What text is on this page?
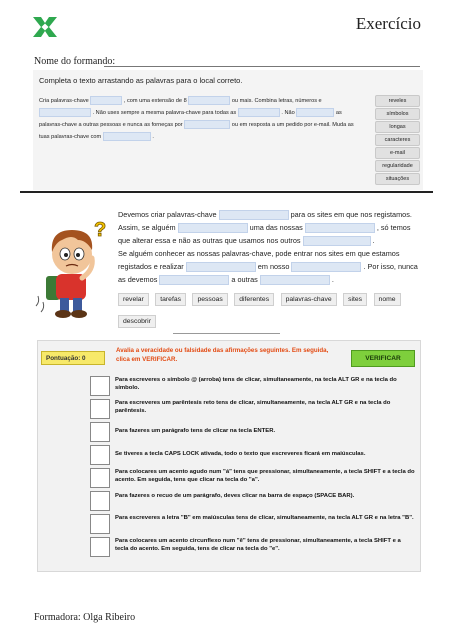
Exercício
Nome do formando:
Completa o texto arrastando as palavras para o local correto.
Cria palavras-chave	, com uma extensão de 8	ou mais. Combina letras, números e
. Não uses sempre a mesma palavra-chave para todas as	. Não	as
palavras-chave a outras pessoas e nunca as forneças por	ou em resposta a um pedido por e-mail. Muda as
tuas palavras-chave com	.
reveles
símbolos
longas
caracteres
e-mail
regularidade
situações
?
Devemos criar palavras-chave	para os sites em que nos registamos.
Assim, se alguém	uma das nossas	, só temos
que alterar essa e não as outras que usamos nos outros	.
Se alguém conhecer as nossas palavras-chave, pode entrar nos sites em que estamos
registados e realizar	em nosso	. Por isso, nunca
as devemos	a outras	.
revelar tarefas pessoas diferentes palavras-chave sites nome descobrir
Pontuação: 0
Avalia a veracidade ou falsidade das afirmações seguintes. Em seguida, clica em VERIFICAR.	VERIFICAR
Para escreveres o símbolo @ (arroba) tens de clicar, simultaneamente, na tecla ALT GR e na tecla do símbolo.
Para escreveres um parêntesis reto tens de clicar, simultaneamente, na tecla ALT GR e na tecla do parêntesis.
Para fazeres um parágrafo tens de clicar na tecla ENTER.
Se tiveres a tecla CAPS LOCK ativada, todo o texto que escreveres ficará em maiúsculas.
Para colocares um acento agudo num "á" tens que pressionar, simultaneamente, a tecla SHIFT e a tecla do acento. Em seguida, tens que clicar na tecla do "a".
Para fazeres o recuo de um parágrafo, deves clicar na barra de espaço (SPACE BAR).
Para escreveres a letra "B" em maiúsculas tens de clicar, simultaneamente, na tecla ALT GR e na letra "B".
Para colocares um acento circunflexo num "ê" tens de pressionar, simultaneamente, a tecla SHIFT e a tecla do acento. Em seguida, tens de clicar na tecla do "e".
Formadora: Olga Ribeiro
